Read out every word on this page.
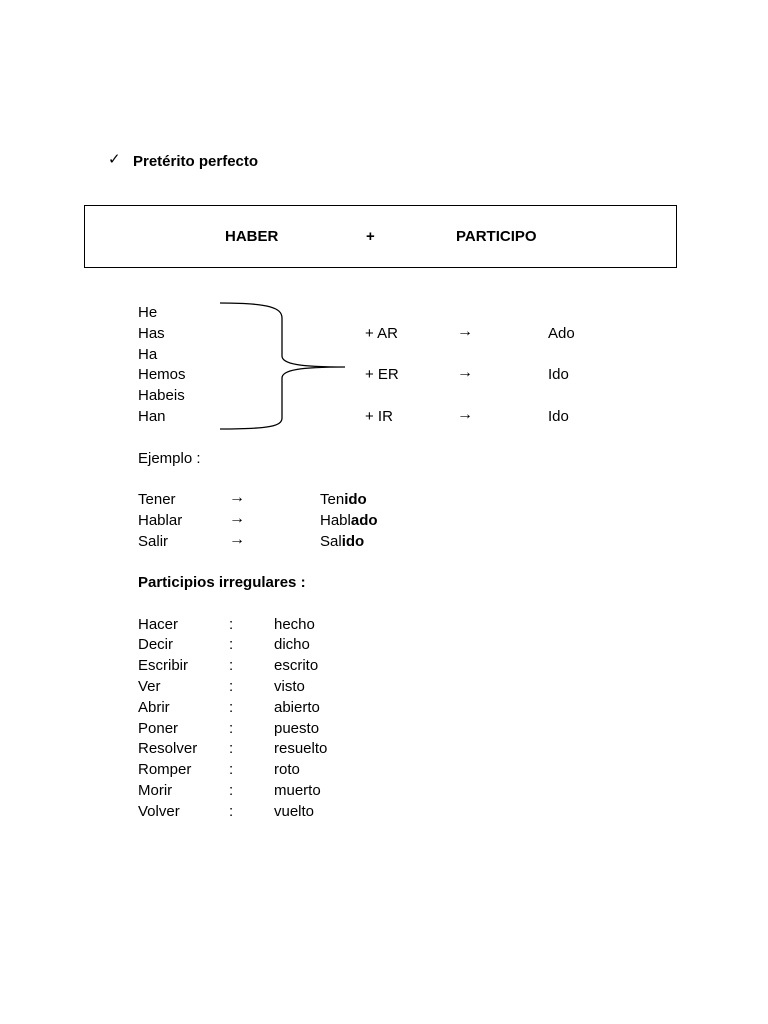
✓ Pretérito perfecto
HABER	+	PARTICIPO
He
Has
Ha
Hemos
Habeis
Han
+ AR	→	Ado
+ ER	→	Ido
+ IR	→	Ido
Ejemplo :
Tener	→	Tenido
Hablar	→	Hablado
Salir	→	Salido
Participios irregulares :
Hacer	:	hecho
Decir	:	dicho
Escribir	:	escrito
Ver	:	visto
Abrir	:	abierto
Poner	:	puesto
Resolver :	resuelto
Romper	:	roto
Morir	:	muerto
Volver	:	vuelto
